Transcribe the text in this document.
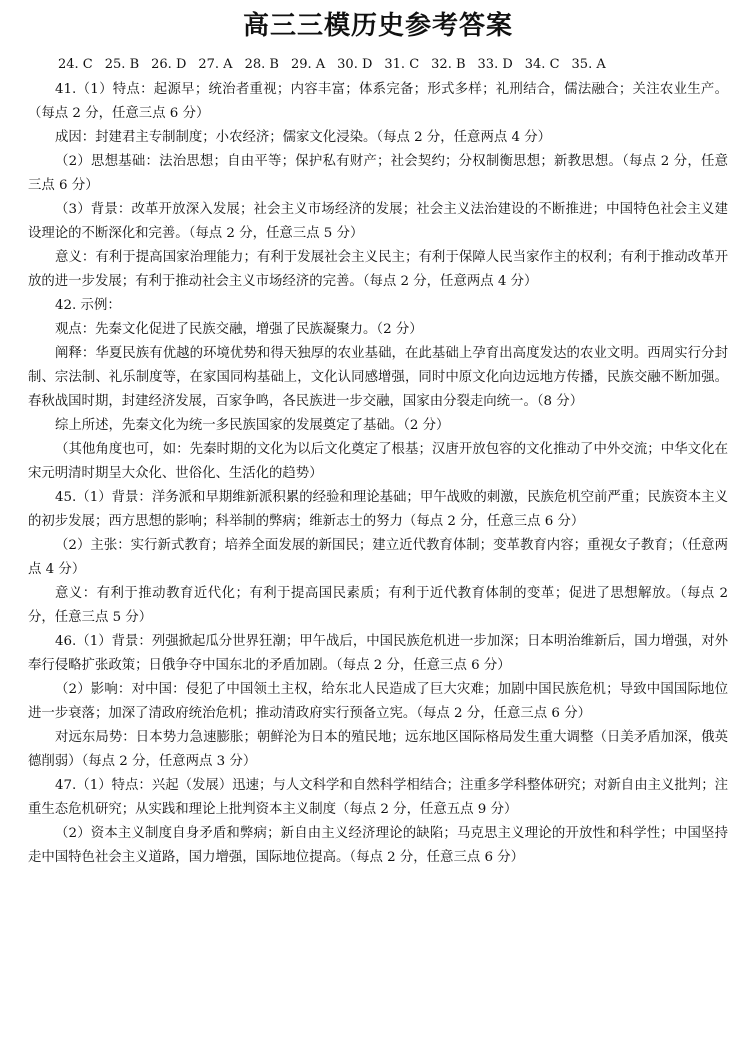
高三三模历史参考答案
24. C 25. B 26. D 27. A 28. B 29. A 30. D 31. C 32. B 33. D 34. C 35. A

41.（1）特点：起源早；统治者重视；内容丰富；体系完备；形式多样；礼刑结合，儒法融合；关注农业生产。（每点 2 分，任意三点 6 分）

成因：封建君主专制制度；小农经济；儒家文化浸染。（每点 2 分，任意两点 4 分）

（2）思想基础：法治思想；自由平等；保护私有财产；社会契约；分权制衡思想；新教思想。（每点 2 分，任意三点 6 分）

（3）背景：改革开放深入发展；社会主义市场经济的发展；社会主义法治建设的不断推进；中国特色社会主义建设理论的不断深化和完善。（每点 2 分，任意三点 5 分）

意义：有利于提高国家治理能力；有利于发展社会主义民主；有利于保障人民当家作主的权利；有利于推动改革开放的进一步发展；有利于推动社会主义市场经济的完善。（每点 2 分，任意两点 4 分）

42. 示例：

观点：先秦文化促进了民族交融，增强了民族凝聚力。（2 分）

阐释：华夏民族有优越的环境优势和得天独厚的农业基础，在此基础上孕育出高度发达的农业文明。西周实行分封制、宗法制、礼乐制度等，在家国同构基础上，文化认同感增强，同时中原文化向边远地方传播，民族交融不断加强。春秋战国时期，封建经济发展，百家争鸣，各民族进一步交融，国家由分裂走向统一。（8 分）

综上所述，先秦文化为统一多民族国家的发展奠定了基础。（2 分）

（其他角度也可，如：先秦时期的文化为以后文化奠定了根基；汉唐开放包容的文化推动了中外交流；中华文化在宋元明清时期呈大众化、世俗化、生活化的趋势）

45.（1）背景：洋务派和早期维新派积累的经验和理论基础；甲午战败的刺激，民族危机空前严重；民族资本主义的初步发展；西方思想的影响；科举制的弊病；维新志士的努力（每点 2 分，任意三点 6 分）

（2）主张：实行新式教育；培养全面发展的新国民；建立近代教育体制；变革教育内容；重视女子教育；（任意两点 4 分）

意义：有利于推动教育近代化；有利于提高国民素质；有利于近代教育体制的变革；促进了思想解放。（每点 2 分，任意三点 5 分）

46.（1）背景：列强掀起瓜分世界狂潮；甲午战后，中国民族危机进一步加深；日本明治维新后，国力增强，对外奉行侵略扩张政策；日俄争夺中国东北的矛盾加剧。（每点 2 分，任意三点 6 分）

（2）影响：对中国：侵犯了中国领土主权，给东北人民造成了巨大灾难；加剧中国民族危机；导致中国国际地位进一步衰落；加深了清政府统治危机；推动清政府实行预备立宪。（每点 2 分，任意三点 6 分）

对远东局势：日本势力急速膨胀；朝鲜沦为日本的殖民地；远东地区国际格局发生重大调整（日美矛盾加深，俄英德削弱）（每点 2 分，任意两点 3 分）

47.（1）特点：兴起（发展）迅速；与人文科学和自然科学相结合；注重多学科整体研究；对新自由主义批判；注重生态危机研究；从实践和理论上批判资本主义制度（每点 2 分，任意五点 9 分）

（2）资本主义制度自身矛盾和弊病；新自由主义经济理论的缺陷；马克思主义理论的开放性和科学性；中国坚持走中国特色社会主义道路，国力增强，国际地位提高。（每点 2 分，任意三点 6 分）
